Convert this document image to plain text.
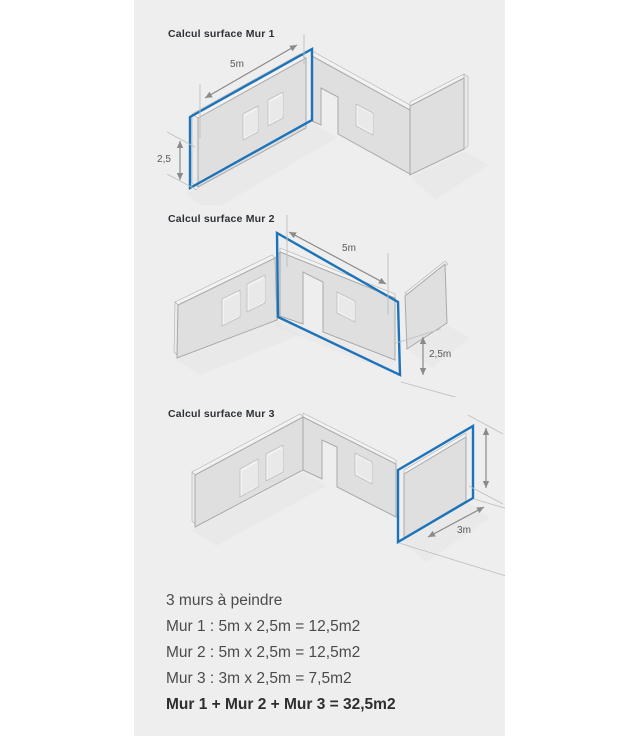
Calcul surface Mur 1
5m
2,5
Calcul surface Mur 2
5m
2,5m
Calcul surface Mur 3
3m

3 murs à peindre

Mur 1 : 5m x 2,5m = 12,5m2

Mur 2 : 5m x 2,5m = 12,5m2

Mur 3 : 3m x 2,5m = 7,5m2

Mur 1 + Mur 2 + Mur 3 = 32,5m2
